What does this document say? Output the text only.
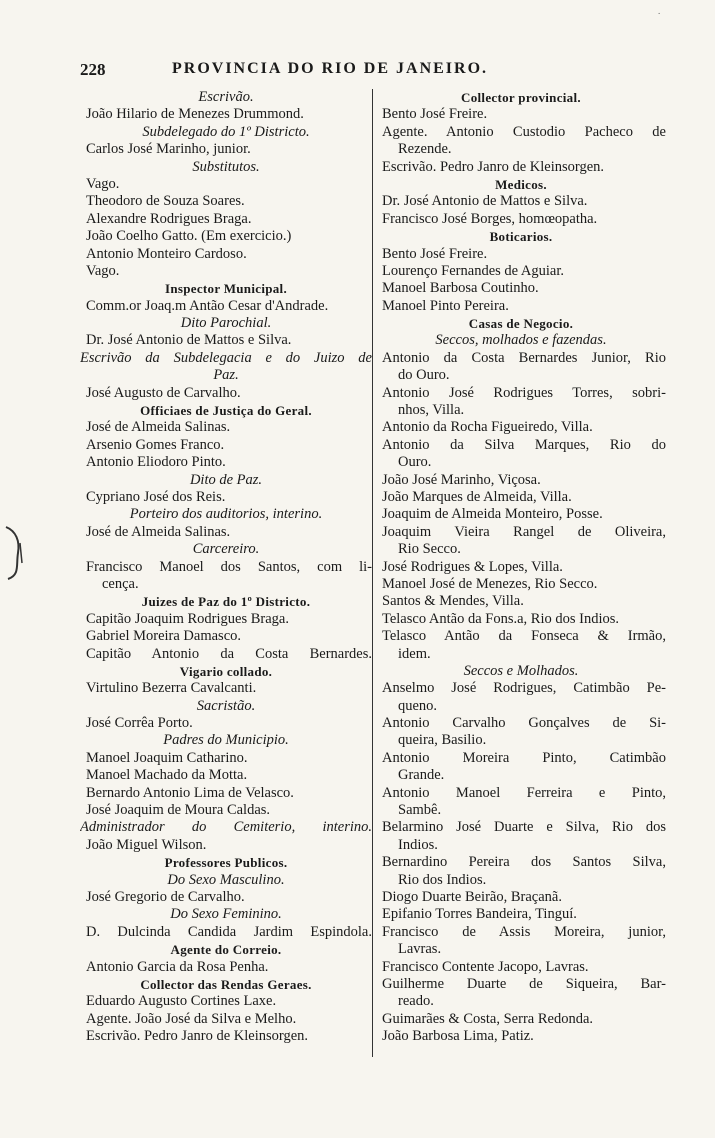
228	PROVINCIA DO RIO DE JANEIRO.
.
Escrivão.
João Hilario de Menezes Drummond.
Subdelegado do 1º Districto.
Carlos José Marinho, junior.
Substitutos.
Vago.
Theodoro de Souza Soares.
Alexandre Rodrigues Braga.
João Coelho Gatto. (Em exercicio.)
Antonio Monteiro Cardoso.
Vago.
Inspector Municipal.
Comm.or Joaq.m Antão Cesar d'Andrade.
Dito Parochial.
Dr. José Antonio de Mattos e Silva.
Escrivão da Subdelegacia e do Juizo de
Paz.
José Augusto de Carvalho.
Officiaes de Justiça do Geral.
José de Almeida Salinas.
Arsenio Gomes Franco.
Antonio Eliodoro Pinto.
Dito de Paz.
Cypriano José dos Reis.
Porteiro dos auditorios, interino.
José de Almeida Salinas.
Carcereiro.
Francisco Manoel dos Santos, com li-
cença.
Juizes de Paz do 1º Districto.
Capitão Joaquim Rodrigues Braga.
Gabriel Moreira Damasco.
Capitão Antonio da Costa Bernardes.
Vigario collado.
Virtulino Bezerra Cavalcanti.
Sacristão.
José Corrêa Porto.
Padres do Municipio.
Manoel Joaquim Catharino.
Manoel Machado da Motta.
Bernardo Antonio Lima de Velasco.
José Joaquim de Moura Caldas.
Administrador do Cemiterio, interino.
João Miguel Wilson.
Professores Publicos.
Do Sexo Masculino.
José Gregorio de Carvalho.
Do Sexo Feminino.
D. Dulcinda Candida Jardim Espindola.
Agente do Correio.
Antonio Garcia da Rosa Penha.
Collector das Rendas Geraes.
Eduardo Augusto Cortines Laxe.
Agente. João José da Silva e Melho.
Escrivão. Pedro Janro de Kleinsorgen.
Collector provincial.
Bento José Freire.
Agente. Antonio Custodio Pacheco de
Rezende.
Escrivão. Pedro Janro de Kleinsorgen.
Medicos.
Dr. José Antonio de Mattos e Silva.
Francisco José Borges, homœopatha.
Boticarios.
Bento José Freire.
Lourenço Fernandes de Aguiar.
Manoel Barbosa Coutinho.
Manoel Pinto Pereira.
Casas de Negocio.
Seccos, molhados e fazendas.
Antonio da Costa Bernardes Junior, Rio
do Ouro.
Antonio José Rodrigues Torres, sobri-
nhos, Villa.
Antonio da Rocha Figueiredo, Villa.
Antonio da Silva Marques, Rio do
Ouro.
João José Marinho, Viçosa.
João Marques de Almeida, Villa.
Joaquim de Almeida Monteiro, Posse.
Joaquim Vieira Rangel de Oliveira,
Rio Secco.
José Rodrigues & Lopes, Villa.
Manoel José de Menezes, Rio Secco.
Santos & Mendes, Villa.
Telasco Antão da Fons.a, Rio dos Indios.
Telasco Antão da Fonseca & Irmão,
idem.
Seccos e Molhados.
Anselmo José Rodrigues, Catimbão Pe-
queno.
Antonio Carvalho Gonçalves de Si-
queira, Basilio.
Antonio Moreira Pinto, Catimbão
Grande.
Antonio Manoel Ferreira e Pinto,
Sambê.
Belarmino José Duarte e Silva, Rio dos
Indios.
Bernardino Pereira dos Santos Silva,
Rio dos Indios.
Diogo Duarte Beirão, Braçanã.
Epifanio Torres Bandeira, Tinguí.
Francisco de Assis Moreira, junior,
Lavras.
Francisco Contente Jacopo, Lavras.
Guilherme Duarte de Siqueira, Bar-
reado.
Guimarães & Costa, Serra Redonda.
João Barbosa Lima, Patiz.
